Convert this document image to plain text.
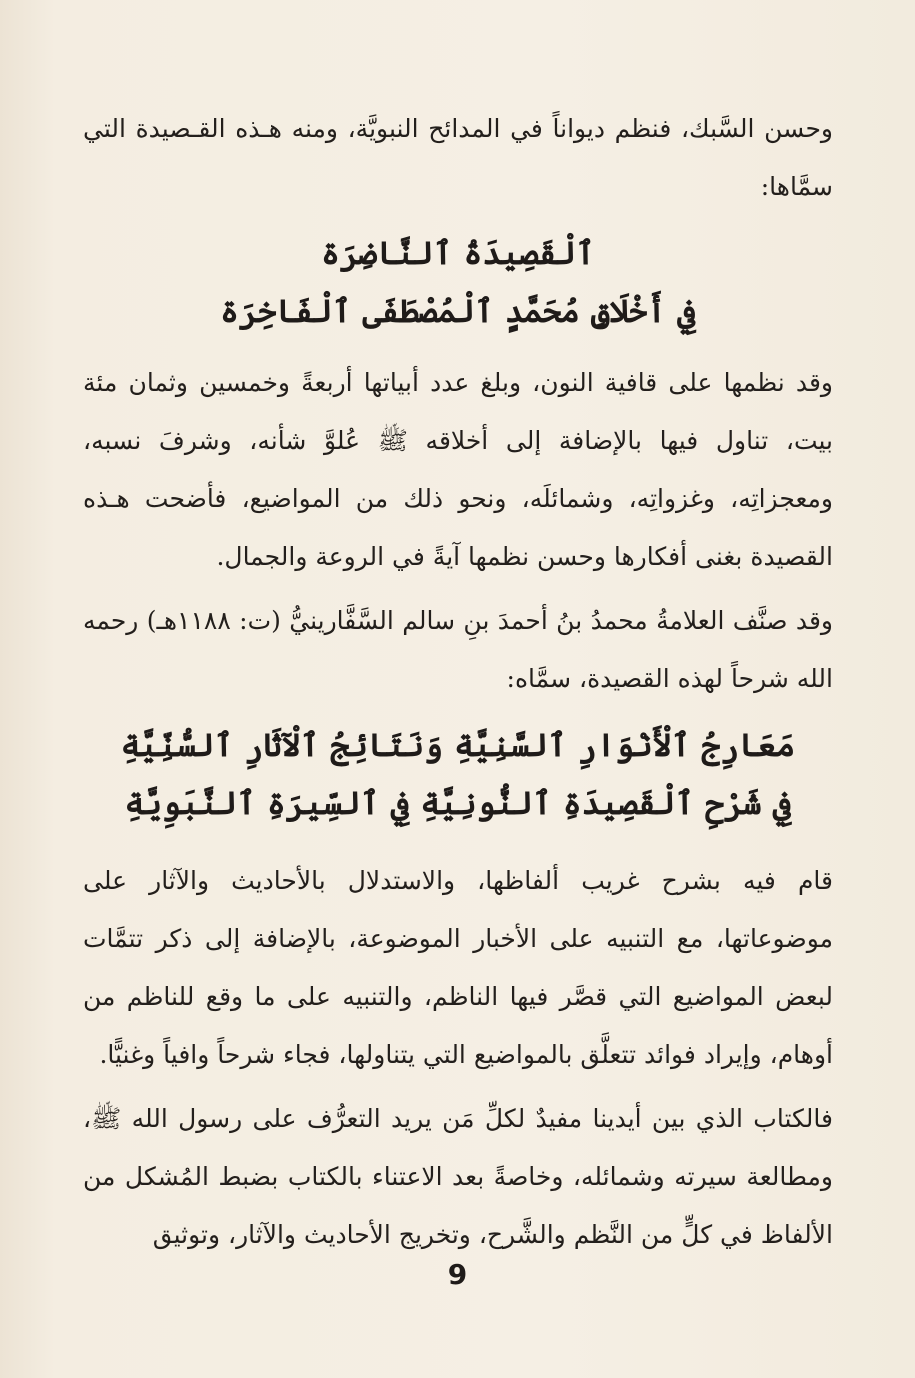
وحسن السَّبك، فنظم ديواناً في المدائح النبويَّة، ومنه هـذه القـصيدة التي سمَّاها:

ٱلْقَصِيدَةُ ٱلنَّاضِرَة
فِي أَخْلَاقِ مُحَمَّدٍ ٱلْمُصْطَفَى ٱلْفَاخِرَة

وقد نظمها على قافية النون، وبلغ عدد أبياتها أربعةً وخمسين وثمان مئة بيت، تناول فيها بالإضافة إلى أخلاقه ﷺ عُلوَّ شأنه، وشرفَ نسبه، ومعجزاتِه، وغزواتِه، وشمائلَه، ونحو ذلك من المواضيع، فأضحت هـذه القصيدة بغنى أفكارها وحسن نظمها آيةً في الروعة والجمال.

وقد صنَّف العلامةُ محمدُ بنُ أحمدَ بنِ سالم السَّفَّارينيُّ (ت: ١١٨٨هـ) رحمه الله شرحاً لهذه القصيدة، سمَّاه:

مَعَارِجُ ٱلْأَنْوَارِ ٱلسَّنِيَّةِ وَنَتَائِجُ ٱلْآثَارِ ٱلسُّنِّيَّةِ
فِي شَرْحِ ٱلْقَصِيدَةِ ٱلنُّونِيَّةِ فِي ٱلسِّيرَةِ ٱلنَّبَوِيَّةِ

قام فيه بشرح غريب ألفاظها، والاستدلال بالأحاديث والآثار على موضوعاتها، مع التنبيه على الأخبار الموضوعة، بالإضافة إلى ذكر تتمَّات لبعض المواضيع التي قصَّر فيها الناظم، والتنبيه على ما وقع للناظم من أوهام، وإيراد فوائد تتعلَّق بالمواضيع التي يتناولها، فجاء شرحاً وافياً وغنيًّا.

فالكتاب الذي بين أيدينا مفيدٌ لكلِّ مَن يريد التعرُّف على رسول الله ﷺ، ومطالعة سيرته وشمائله، وخاصةً بعد الاعتناء بالكتاب بضبط المُشكل من الألفاظ في كلٍّ من النَّظم والشَّرح، وتخريج الأحاديث والآثار، وتوثيق

9
